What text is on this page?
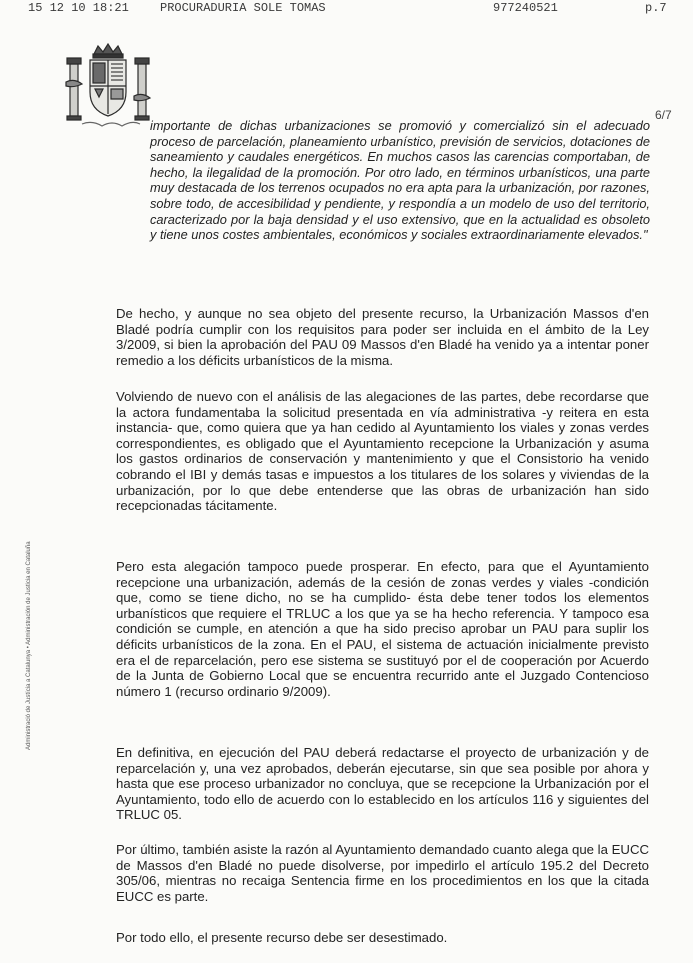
15 12 10 18:21	PROCURADURIA SOLE TOMAS	977240521	p.7
6/7
Administració de Justícia a Catalunya • Administración de Justicia en Cataluña

importante de dichas urbanizaciones se promovió y comercializó sin el adecuado proceso de parcelación, planeamiento urbanístico, previsión de servicios, dotaciones de saneamiento y caudales energéticos. En muchos casos las carencias comportaban, de hecho, la ilegalidad de la promoción. Por otro lado, en términos urbanísticos, una parte muy destacada de los terrenos ocupados no era apta para la urbanización, por razones, sobre todo, de accesibilidad y pendiente, y respondía a un modelo de uso del territorio, caracterizado por la baja densidad y el uso extensivo, que en la actualidad es obsoleto y tiene unos costes ambientales, económicos y sociales extraordinariamente elevados."

De hecho, y aunque no sea objeto del presente recurso, la Urbanización Massos d'en Bladé podría cumplir con los requisitos para poder ser incluida en el ámbito de la Ley 3/2009, si bien la aprobación del PAU 09 Massos d'en Bladé ha venido ya a intentar poner remedio a los déficits urbanísticos de la misma.

Volviendo de nuevo con el análisis de las alegaciones de las partes, debe recordarse que la actora fundamentaba la solicitud presentada en vía administrativa -y reitera en esta instancia- que, como quiera que ya han cedido al Ayuntamiento los viales y zonas verdes correspondientes, es obligado que el Ayuntamiento recepcione la Urbanización y asuma los gastos ordinarios de conservación y mantenimiento y que el Consistorio ha venido cobrando el IBI y demás tasas e impuestos a los titulares de los solares y viviendas de la urbanización, por lo que debe entenderse que las obras de urbanización han sido recepcionadas tácitamente.

Pero esta alegación tampoco puede prosperar. En efecto, para que el Ayuntamiento recepcione una urbanización, además de la cesión de zonas verdes y viales -condición que, como se tiene dicho, no se ha cumplido- ésta debe tener todos los elementos urbanísticos que requiere el TRLUC a los que ya se ha hecho referencia. Y tampoco esa condición se cumple, en atención a que ha sido preciso aprobar un PAU para suplir los déficits urbanísticos de la zona. En el PAU, el sistema de actuación inicialmente previsto era el de reparcelación, pero ese sistema se sustituyó por el de cooperación por Acuerdo de la Junta de Gobierno Local que se encuentra recurrido ante el Juzgado Contencioso número 1 (recurso ordinario 9/2009).

En definitiva, en ejecución del PAU deberá redactarse el proyecto de urbanización y de reparcelación y, una vez aprobados, deberán ejecutarse, sin que sea posible por ahora y hasta que ese proceso urbanizador no concluya, que se recepcione la Urbanización por el Ayuntamiento, todo ello de acuerdo con lo establecido en los artículos 116 y siguientes del TRLUC 05.

Por último, también asiste la razón al Ayuntamiento demandado cuanto alega que la EUCC de Massos d'en Bladé no puede disolverse, por impedirlo el artículo 195.2 del Decreto 305/06, mientras no recaiga Sentencia firme en los procedimientos en los que la citada EUCC es parte.

Por todo ello, el presente recurso debe ser desestimado.
